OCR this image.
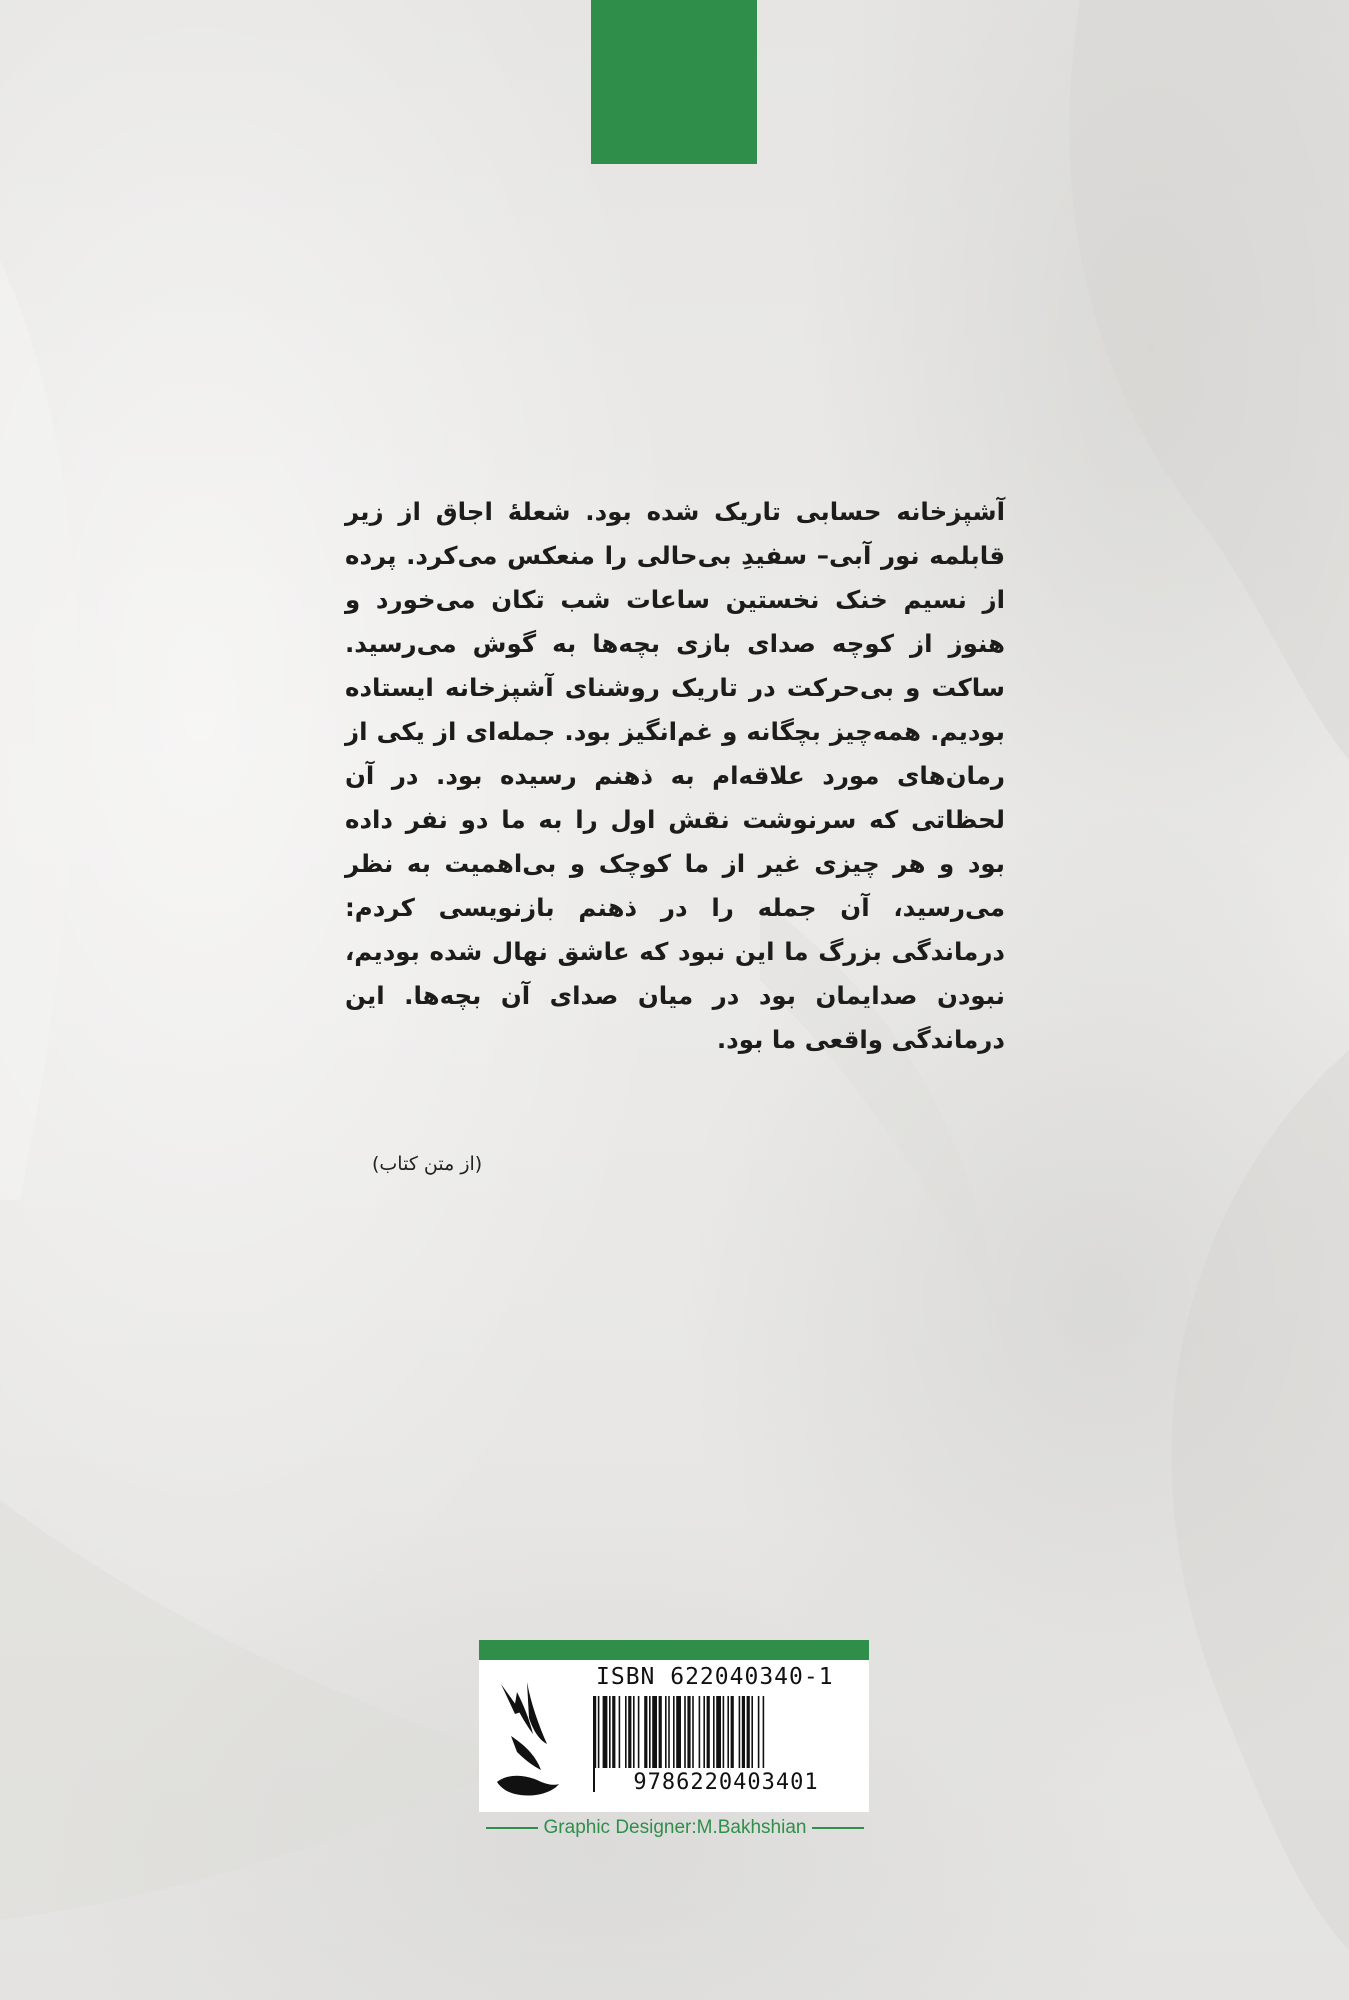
آشپزخانه حسابی تاریک شده بود. شعلهٔ اجاق از زیر قابلمه نور آبی– سفیدِ بی‌حالی را منعکس می‌کرد. پرده از نسیم خنک نخستین ساعات شب تکان می‌خورد و هنوز از کوچه صدای بازی بچه‌ها به گوش می‌رسید. ساکت و بی‌حرکت در تاریک روشنای آشپزخانه ایستاده بودیم. همه‌چیز بچگانه و غم‌انگیز بود. جمله‌ای از یکی از رمان‌های مورد علاقه‌ام به ذهنم رسیده بود. در آن لحظاتی که سرنوشت نقش اول را به ما دو نفر داده بود و هر چیزی غیر از ما کوچک و بی‌اهمیت به نظر می‌رسید، آن جمله را در ذهنم بازنویسی کردم: درماندگی بزرگ ما این نبود که عاشق نهال شده بودیم، نبودن صدایمان بود در میان صدای آن بچه‌ها. این درماندگی واقعی ما بود.

(از متن کتاب)

ISBN 622040340-1
9786220403401
Graphic Designer:M.Bakhshian
